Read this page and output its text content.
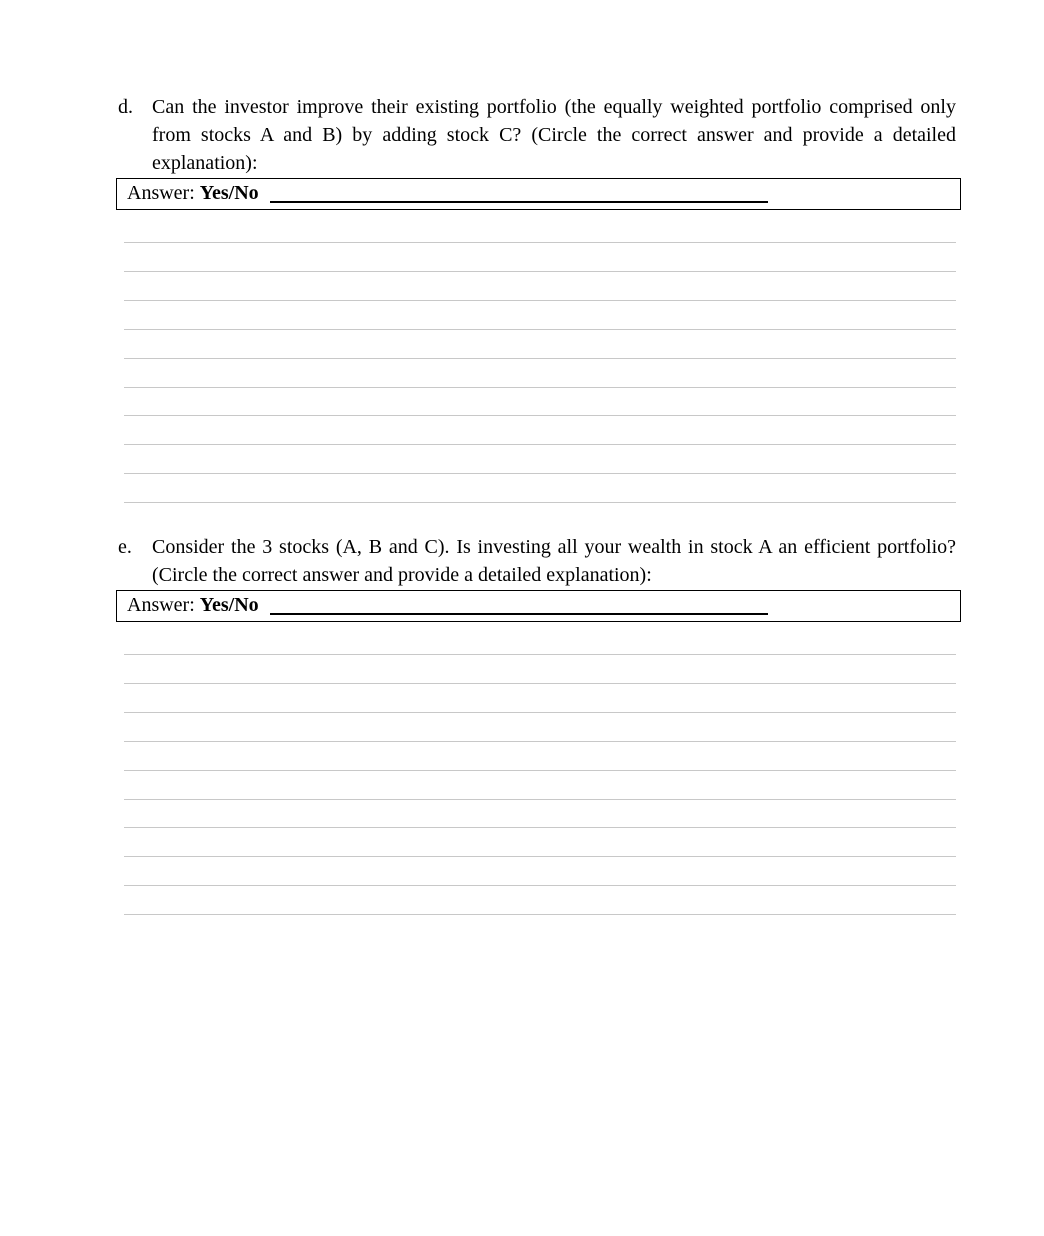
d. Can the investor improve their existing portfolio (the equally weighted portfolio comprised only from stocks A and B) by adding stock C? (Circle the correct answer and provide a detailed explanation):
Answer: Yes/No
e. Consider the 3 stocks (A, B and C). Is investing all your wealth in stock A an efficient portfolio? (Circle the correct answer and provide a detailed explanation):
Answer: Yes/No
